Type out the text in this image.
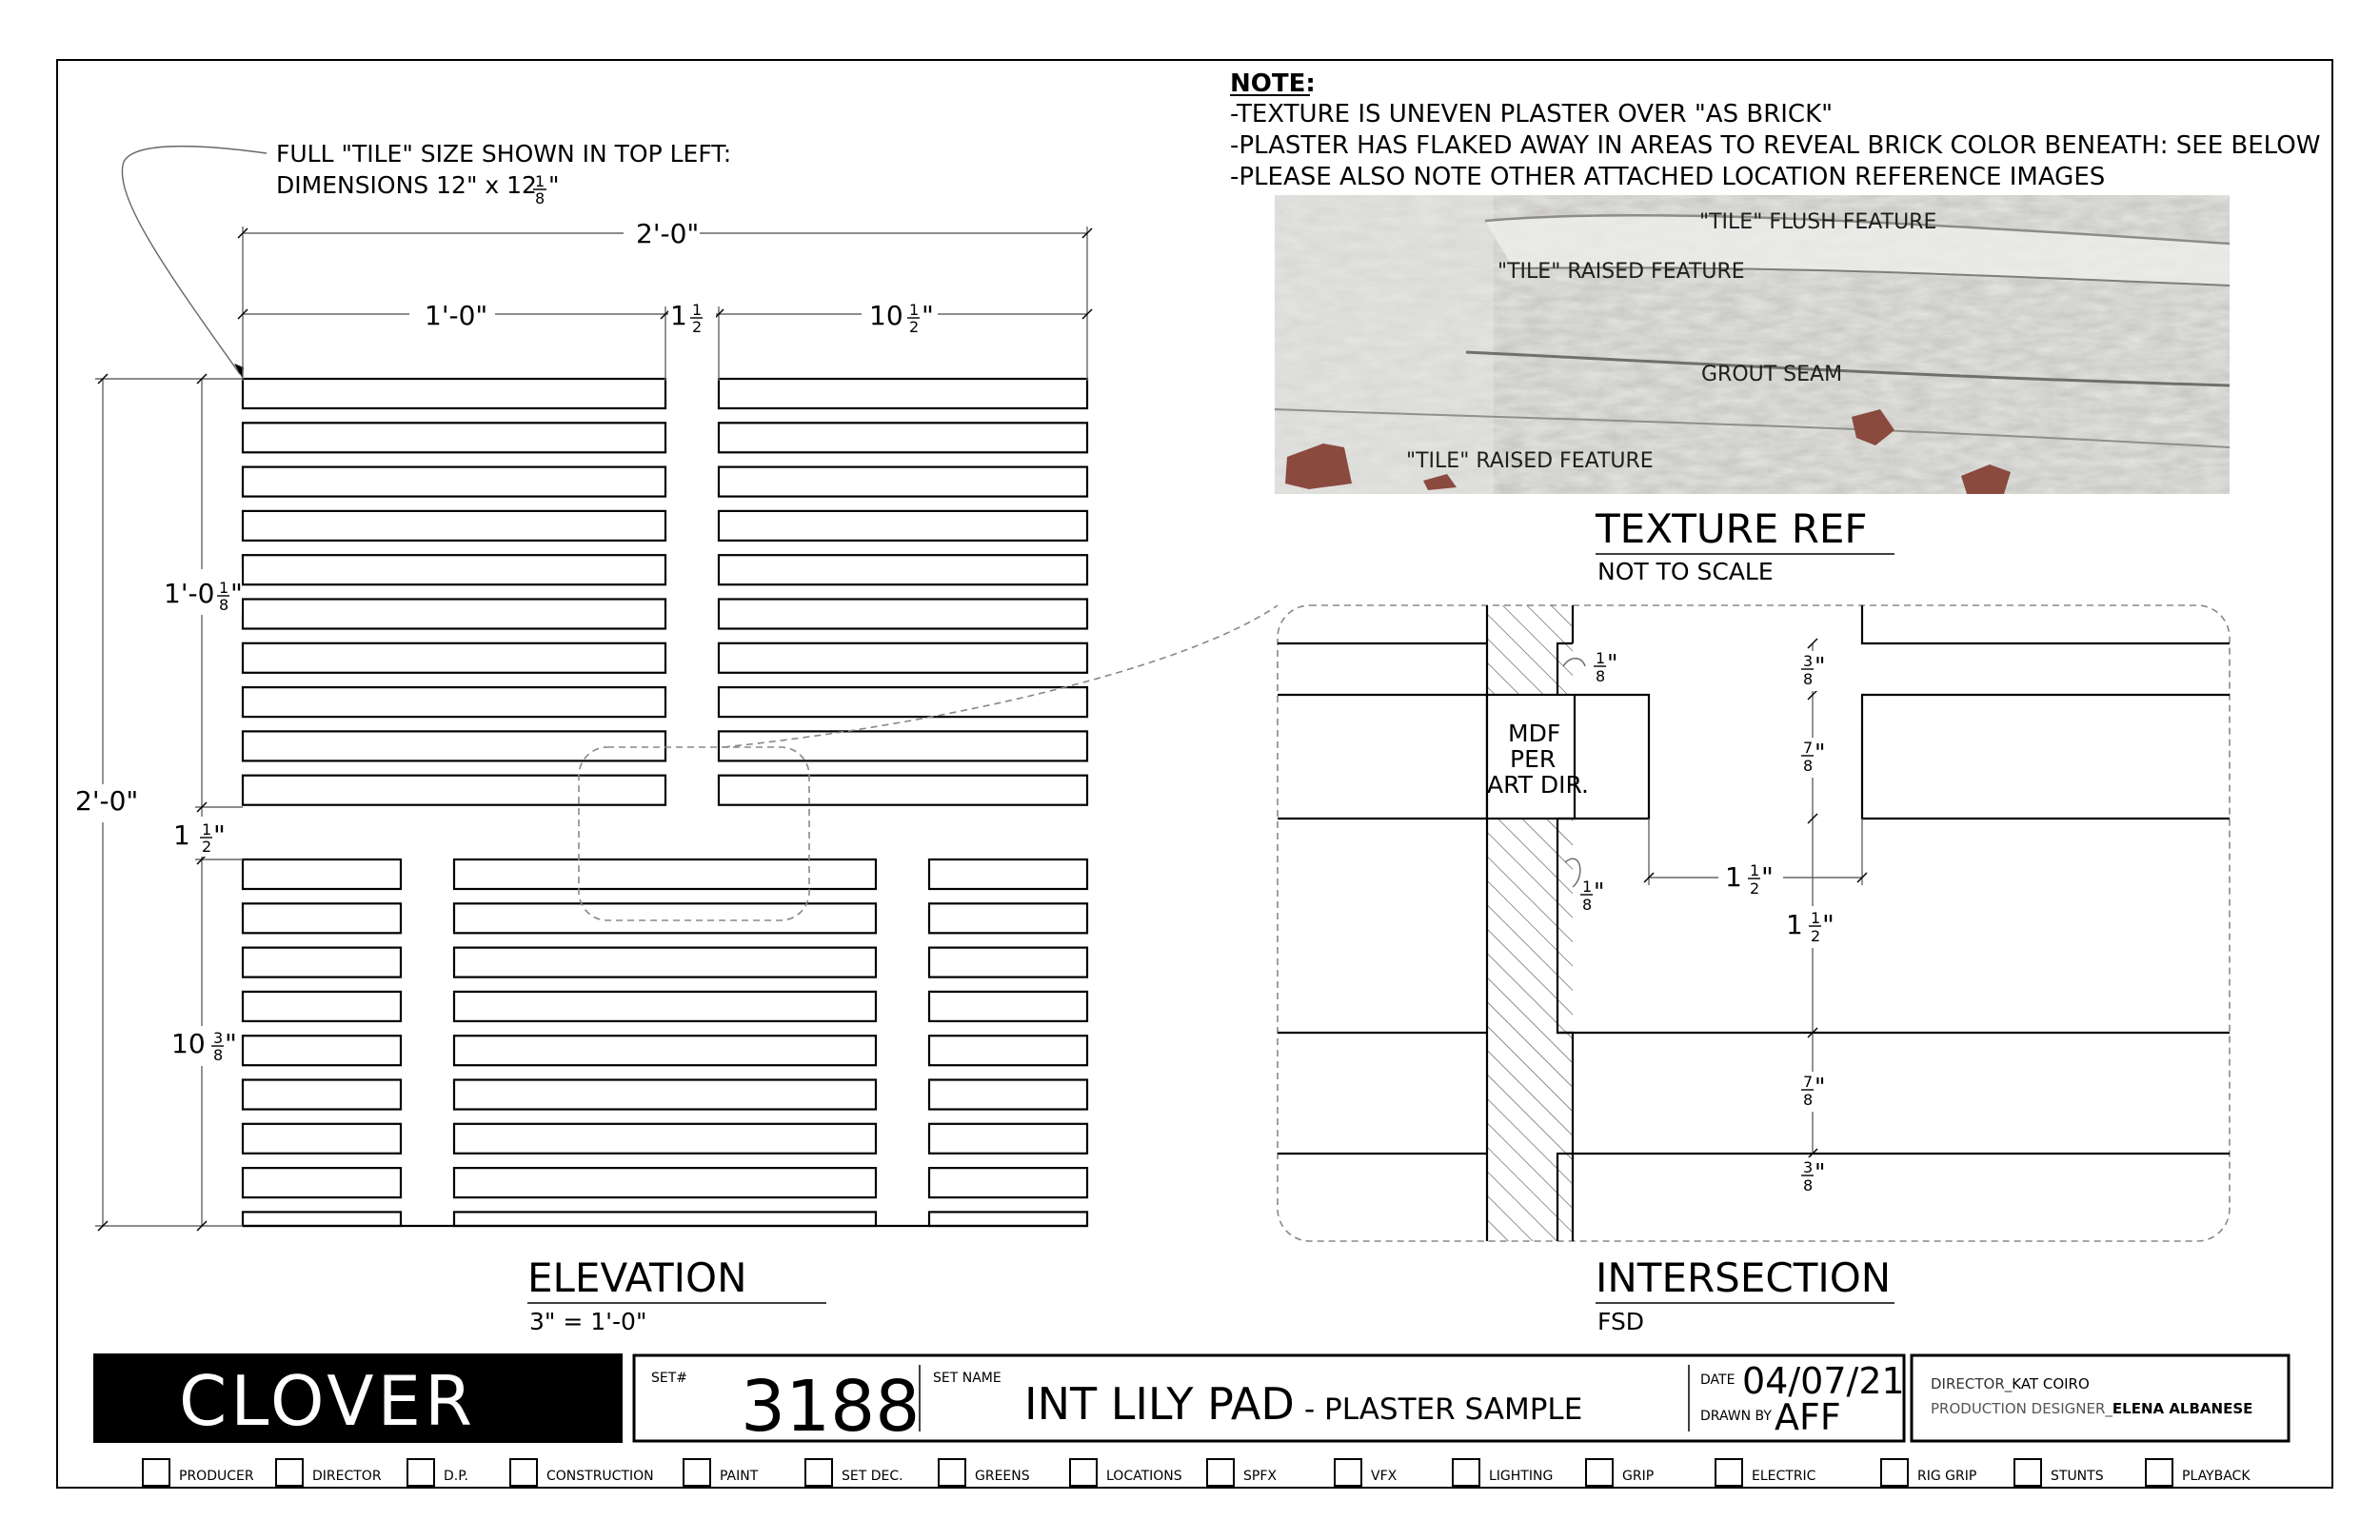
NOTE:
-TEXTURE IS UNEVEN PLASTER OVER "AS BRICK"
-PLASTER HAS FLAKED AWAY IN AREAS TO REVEAL BRICK COLOR BENEATH: SEE BELOW
-PLEASE ALSO NOTE OTHER ATTACHED LOCATION REFERENCE IMAGES
FULL "TILE" SIZE SHOWN IN TOP LEFT:
DIMENSIONS 12" x 12
1
8 "
"TILE" FLUSH FEATURE
"TILE" RAISED FEATURE
GROUT SEAM
"TILE" RAISED FEATURE
TEXTURE REF
NOT TO SCALE
2'-0"
1'-0"	1 1
2	10 1
2 "
1'-0 1
8 "
2'-0"
1 1
2 "
10 3
8 "
ELEVATION
3" = 1'-0"
MDF
PER
ART DIR.
1
8 "
1
8 "
3
8 "
7
8 "
1 1
2 "
7
8 "
3
8 "
1 1
2 "
INTERSECTION
FSD
CLOVER	SET# 3188 SET NAME INT LILY PAD - PLASTER SAMPLE
DATE 04/07/21
DRAWN BY AFF
DIRECTOR_KAT COIRO
PRODUCTION DESIGNER_ELENA ALBANESE
PRODUCER	DIRECTOR	D.P.	CONSTRUCTION	PAINT	SET DEC.	GREENS	LOCATIONS	SPFX	VFX	LIGHTING	GRIP	ELECTRIC	RIG GRIP	STUNTS	PLAYBACK
